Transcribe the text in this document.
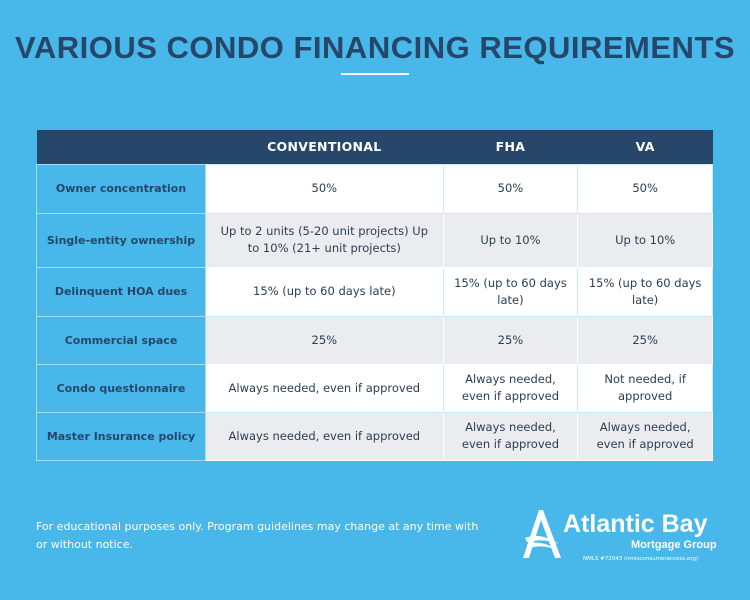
VARIOUS CONDO FINANCING REQUIREMENTS
	CONVENTIONAL	FHA	VA
Owner concentration	50%	50%	50%
Single-entity ownership	Up to 2 units (5-20 unit projects) Up to 10% (21+ unit projects)	Up to 10%	Up to 10%
Delinquent HOA dues	15% (up to 60 days late)	15% (up to 60 days late)	15% (up to 60 days late)
Commercial space	25%	25%	25%
Condo questionnaire	Always needed, even if approved	Always needed, even if approved	Not needed, if approved
Master Insurance policy	Always needed, even if approved	Always needed, even if approved	Always needed, even if approved
For educational purposes only. Program guidelines may change at any time with or without notice.
Atlantic Bay
Mortgage Group
NMLS #72043 (nmlsconsumeraccess.org)
